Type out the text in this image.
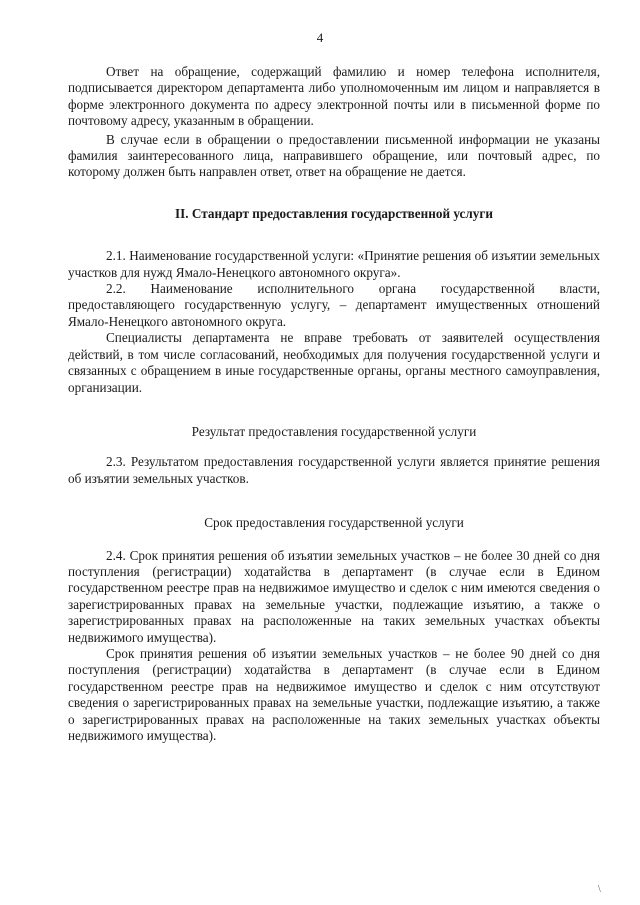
4

Ответ на обращение, содержащий фамилию и номер телефона исполнителя, подписывается директором департамента либо уполномоченным им лицом и направляется в форме электронного документа по адресу электронной почты или в письменной форме по почтовому адресу, указанным в обращении.

В случае если в обращении о предоставлении письменной информации не указаны фамилия заинтересованного лица, направившего обращение, или почтовый адрес, по которому должен быть направлен ответ, ответ на обращение не дается.

II. Стандарт предоставления государственной услуги

2.1. Наименование государственной услуги: «Принятие решения об изъятии земельных участков для нужд Ямало-Ненецкого автономного округа».

2.2. Наименование исполнительного органа государственной власти, предоставляющего государственную услугу, – департамент имущественных отношений Ямало-Ненецкого автономного округа.

Специалисты департамента не вправе требовать от заявителей осуществления действий, в том числе согласований, необходимых для получения государственной услуги и связанных с обращением в иные государственные органы, органы местного самоуправления, организации.

Результат предоставления государственной услуги

2.3. Результатом предоставления государственной услуги является принятие решения об изъятии земельных участков.

Срок предоставления государственной услуги

2.4. Срок принятия решения об изъятии земельных участков – не более 30 дней со дня поступления (регистрации) ходатайства в департамент (в случае если в Едином государственном реестре прав на недвижимое имущество и сделок с ним имеются сведения о зарегистрированных правах на земельные участки, подлежащие изъятию, а также о зарегистрированных правах на расположенные на таких земельных участках объекты недвижимого имущества).

Срок принятия решения об изъятии земельных участков – не более 90 дней со дня поступления (регистрации) ходатайства в департамент (в случае если в Едином государственном реестре прав на недвижимое имущество и сделок с ним отсутствуют сведения о зарегистрированных правах на земельные участки, подлежащие изъятию, а также о зарегистрированных правах на расположенные на таких земельных участках объекты недвижимого имущества).

\
